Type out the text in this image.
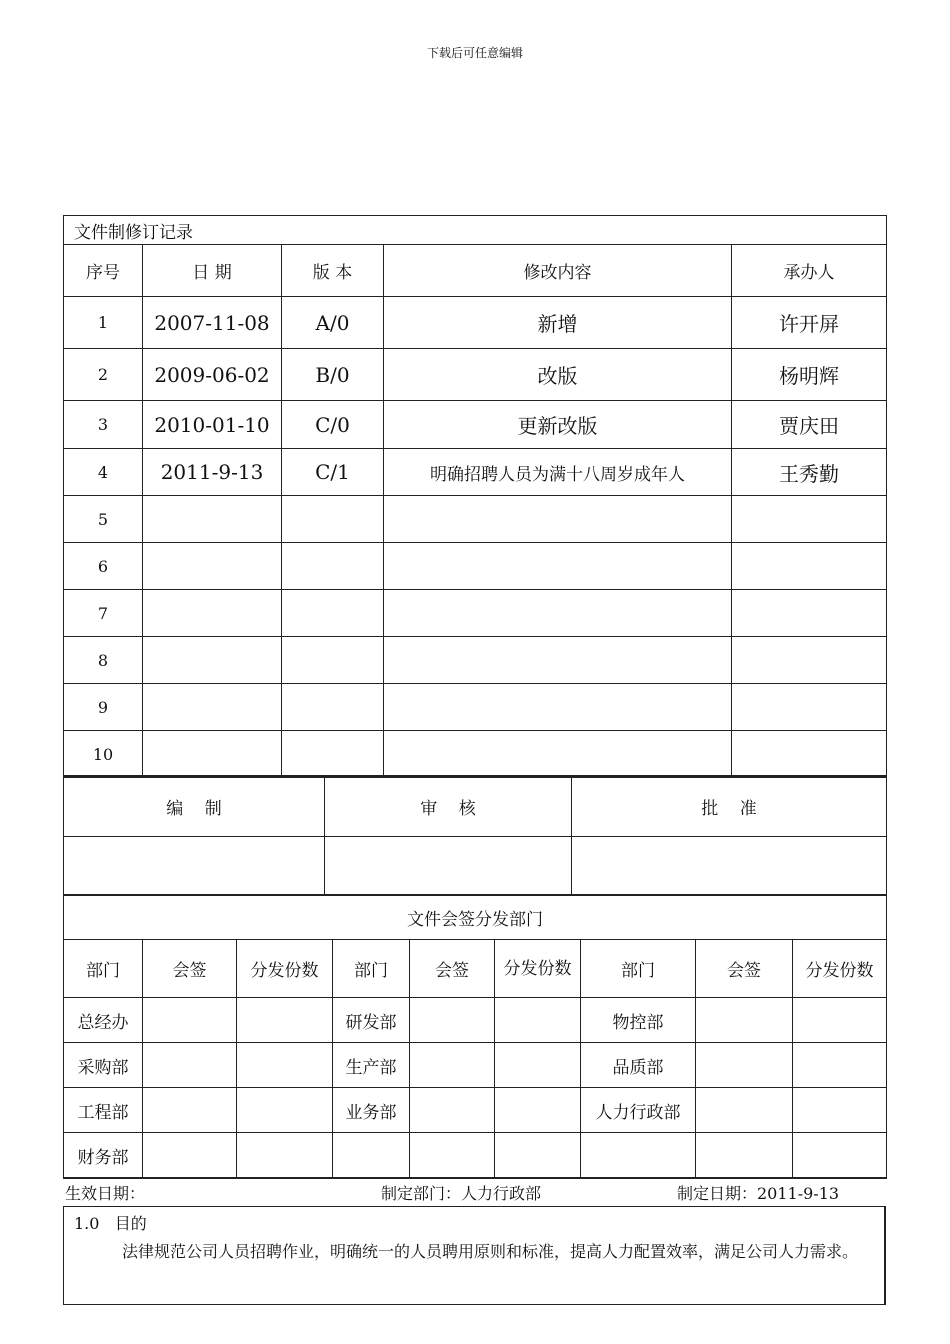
下载后可任意编辑
文件制修订记录				
序号	日 期	版 本	修改内容	承办人
1	2007-11-08	A/0	新增	许开屏
2	2009-06-02	B/0	改版	杨明辉
3	2010-01-10	C/0	更新改版	贾庆田
4	2011-9-13	C/1	明确招聘人员为满十八周岁成年人	王秀勤
5				
6				
7				
8				
9				
10				
编    制	审    核	批    准

文件会签分发部门								
部门	会签	分发份数	部门	会签	分发份数	部门	会签	分发份数
总经办			研发部			物控部		
采购部			生产部			品质部		
工程部			业务部			人力行政部		
财务部								
生效日期：	制定部门：人力行政部	制定日期：2011-9-13
1.0   目的
法律规范公司人员招聘作业，明确统一的人员聘用原则和标准，提高人力配置效率，满足公司人力需求。
